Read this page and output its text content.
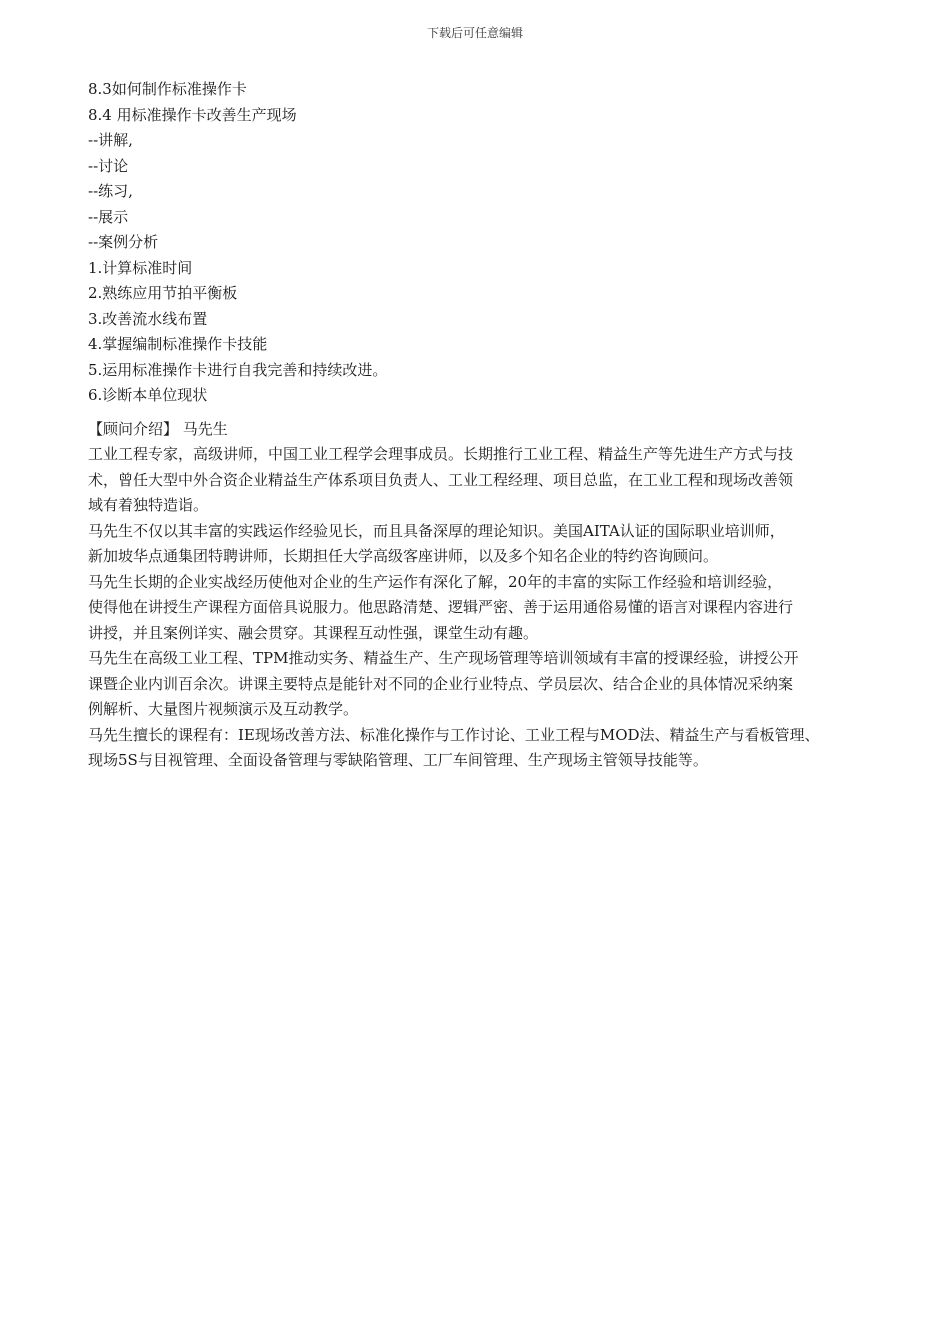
下载后可任意编辑
8.3如何制作标准操作卡
8.4 用标准操作卡改善生产现场
--讲解,
--讨论
--练习,
--展示
--案例分析
1.计算标准时间
2.熟练应用节拍平衡板
3.改善流水线布置
4.掌握编制标准操作卡技能
5.运用标准操作卡进行自我完善和持续改进。
6.诊断本单位现状
【顾问介绍】 马先生

工业工程专家，高级讲师，中国工业工程学会理事成员。长期推行工业工程、精益生产等先进生产方式与技
术，曾任大型中外合资企业精益生产体系项目负责人、工业工程经理、项目总监，在工业工程和现场改善领
域有着独特造诣。

马先生不仅以其丰富的实践运作经验见长，而且具备深厚的理论知识。美国AITA认证的国际职业培训师，
新加坡华点通集团特聘讲师，长期担任大学高级客座讲师，以及多个知名企业的特约咨询顾问。

马先生长期的企业实战经历使他对企业的生产运作有深化了解，20年的丰富的实际工作经验和培训经验，
使得他在讲授生产课程方面倍具说服力。他思路清楚、逻辑严密、善于运用通俗易懂的语言对课程内容进行
讲授，并且案例详实、融会贯穿。其课程互动性强，课堂生动有趣。

马先生在高级工业工程、TPM推动实务、精益生产、生产现场管理等培训领域有丰富的授课经验，讲授公开
课暨企业内训百余次。讲课主要特点是能针对不同的企业行业特点、学员层次、结合企业的具体情况采纳案
例解析、大量图片视频演示及互动教学。

马先生擅长的课程有：IE现场改善方法、标准化操作与工作讨论、工业工程与MOD法、精益生产与看板管理、
现场5S与目视管理、全面设备管理与零缺陷管理、工厂车间管理、生产现场主管领导技能等。
